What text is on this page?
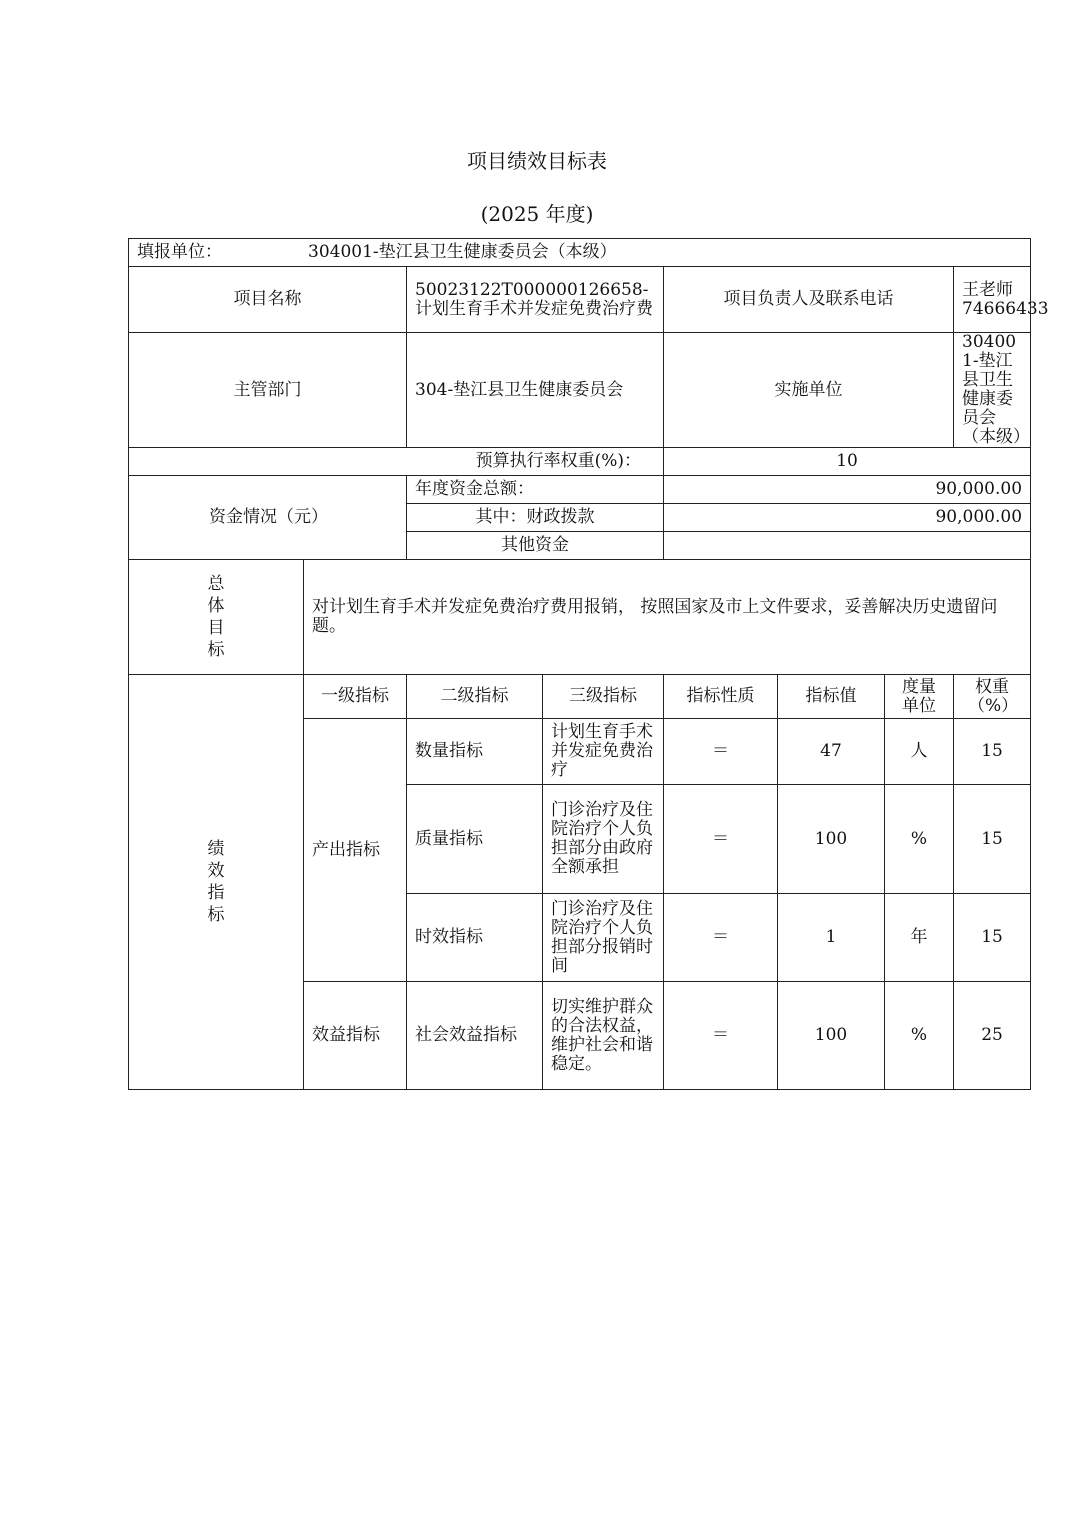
项目绩效目标表
(2025 年度)
填报单位： 304001-垫江县卫生健康委员会（本级）							
项目名称		50023122T000000126658-计划生育手术并发症免费治疗费		项目负责人及联系电话			王老师 74666433
主管部门		304-垫江县卫生健康委员会		实施单位			304001-垫江县卫生健康委员会（本级）
预算执行率权重(%)：				10			
资金情况（元）		年度资金总额：		90,000.00			
		其中：财政拨款		90,000.00			
		其他资金					

总
体
目
标	对计划生育手术并发症免费治疗费用报销， 按照国家及市上文件要求，妥善解决历史遗留问题。						

绩
效
指
标	一级指标	二级指标	三级指标	指标性质	指标值	度量单位	权重（%）
	产出指标	数量指标	计划生育手术并发症免费治疗	＝	47	人	15
		质量指标	门诊治疗及住院治疗个人负担部分由政府全额承担	＝	100	%	15
		时效指标	门诊治疗及住院治疗个人负担部分报销时间	＝	1	年	15
	效益指标	社会效益指标	切实维护群众的合法权益，维护社会和谐稳定。	＝	100	%	25
